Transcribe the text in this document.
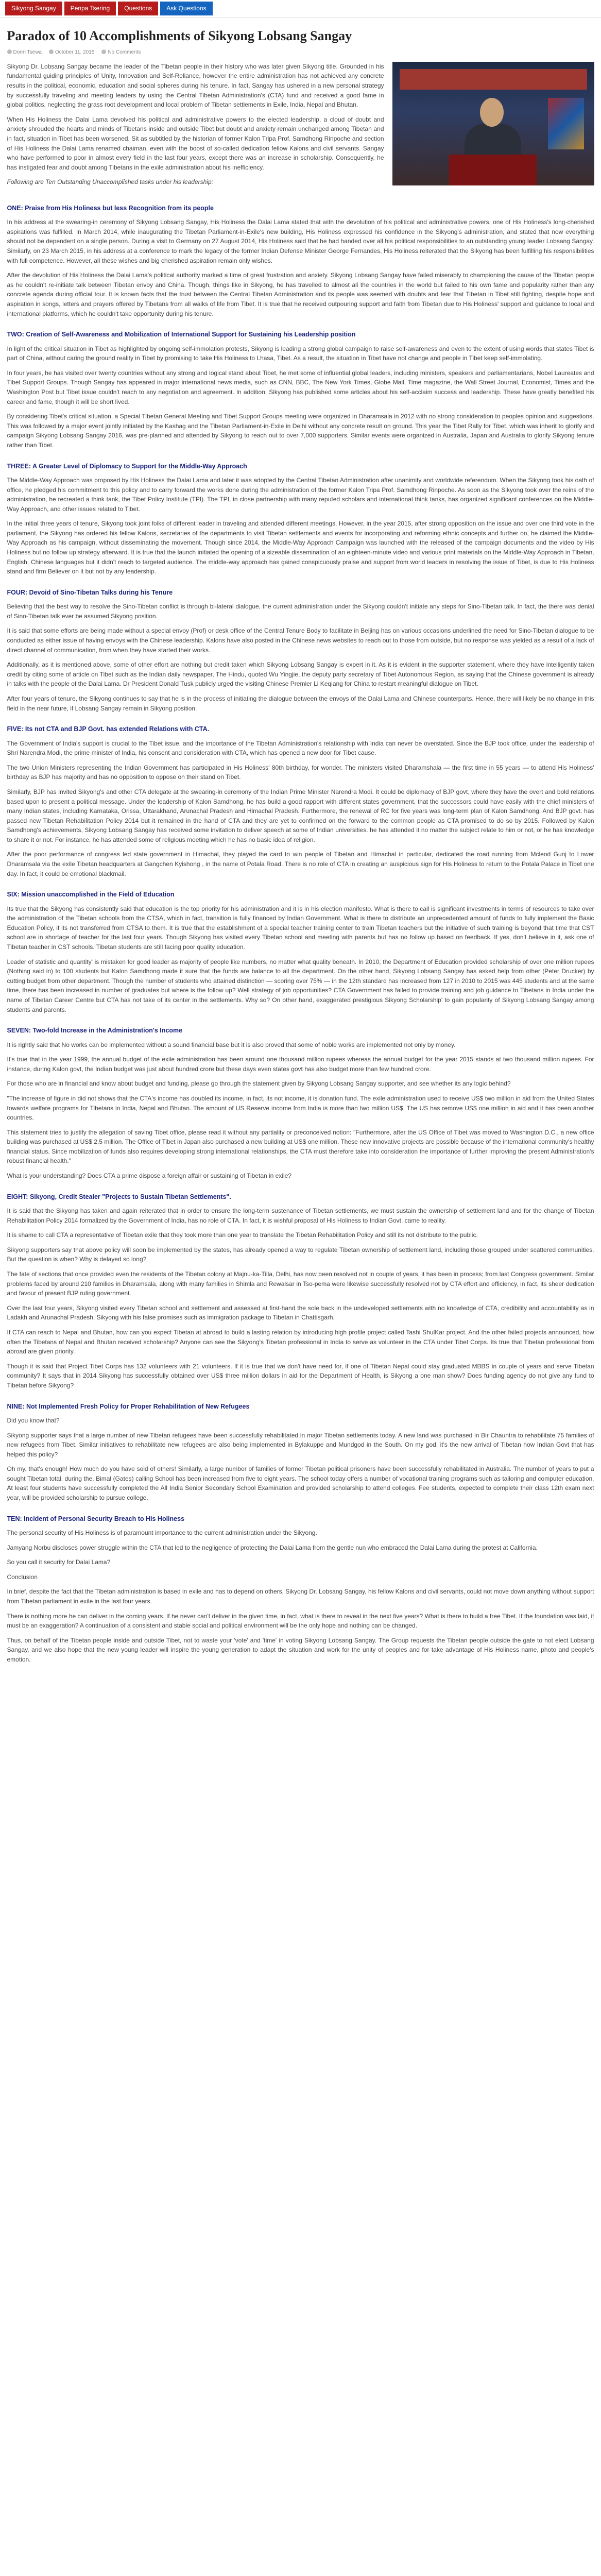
Sikyong Sangay	Penpa Tsering	Questions	Ask Questions
Paradox of 10 Accomplishments of Sikyong Lobsang Sangay
Dorm Tsewa	October 11, 2015	No Comments

Sikyong Dr. Lobsang Sangay became the leader of the Tibetan people in their history who was later given Sikyong title. Grounded in his fundamental guiding principles of Unity, Innovation and Self-Reliance, however the entire administration has not achieved any concrete results in the political, economic, education and social spheres during his tenure. In fact, Sangay has ushered in a new personal strategy by successfully traveling and meeting leaders by using the Central Tibetan Administration's (CTA) fund and received a good fame in global politics, neglecting the grass root development and local problem of Tibetan settlements in Exile, India, Nepal and Bhutan.

When His Holiness the Dalai Lama devolved his political and administrative powers to the elected leadership, a cloud of doubt and anxiety shrouded the hearts and minds of Tibetans inside and outside Tibet but doubt and anxiety remain unchanged among Tibetan and in fact, situation in Tibet has been worsened. Sit as subtitled by the historian of former Kalon Tripa Prof. Samdhong Rinpoche and section of His Holiness the Dalai Lama renamed chaiman, even with the boost of so-called dedication fellow Kalons and civil servants. Sangay who have performed to poor in almost every field in the last four years, except there was an increase in scholarship. Consequently, he has instigated fear and doubt among Tibetans in the exile administration about his inefficiency.

Following are Ten Outstanding Unaccomplished tasks under his leadership:

ONE: Praise from His Holiness but less Recognition from its people

In his address at the swearing-in ceremony of Sikyong Lobsang Sangay, His Holiness the Dalai Lama stated that with the devolution of his political and administrative powers, one of His Holiness's long-cherished aspirations was fulfilled. In March 2014, while inaugurating the Tibetan Parliament-in-Exile's new building, His Holiness expressed his confidence in the Sikyong's administration, and stated that now everything should not be dependent on a single person. During a visit to Germany on 27 August 2014, His Holiness said that he had handed over all his political responsibilities to an outstanding young leader Lobsang Sangay. Similarly, on 23 March 2015, in his address at a conference to mark the legacy of the former Indian Defense Minister George Fernandes, His Holiness reiterated that the Sikyong has been fulfilling his responsibilities with full competence. However, all these wishes and big cherished aspiration remain only wishes.

After the devolution of His Holiness the Dalai Lama's political authority marked a time of great frustration and anxiety. Sikyong Lobsang Sangay have failed miserably to championing the cause of the Tibetan people as he couldn't re-initiate talk between Tibetan envoy and China. Though, things like in Sikyong, he has travelled to almost all the countries in the world but failed to his own fame and popularity rather than any concrete agenda during official tour. It is known facts that the trust between the Central Tibetan Administration and its people was seemed with doubts and fear that Tibetan in Tibet still fighting, despite hope and aspiration in songs, letters and prayers offered by Tibetans from all walks of life from Tibet. It is true that he received outpouring support and faith from Tibetan due to His Holiness' support and guidance to local and international platforms, which he couldn't take opportunity during his tenure.

TWO: Creation of Self-Awareness and Mobilization of International Support for Sustaining his Leadership position

In light of the critical situation in Tibet as highlighted by ongoing self-immolation protests, Sikyong is leading a strong global campaign to raise self-awareness and even to the extent of using words that states Tibet is part of China, without caring the ground reality in Tibet by promising to take His Holiness to Lhasa, Tibet. As a result, the situation in Tibet have not change and people in Tibet keep self-immolating.

In four years, he has visited over twenty countries without any strong and logical stand about Tibet, he met some of influential global leaders, including ministers, speakers and parliamentarians, Nobel Laureates and Tibet Support Groups. Though Sangay has appeared in major international news media, such as CNN, BBC, The New York Times, Globe Mail, Time magazine, the Wall Street Journal, Economist, Times and the Washington Post but Tibet issue couldn't reach to any negotiation and agreement. In addition, Sikyong has published some articles about his self-acclaim success and leadership. These have greatly benefited his career and fame, though it will be short lived.

By considering Tibet's critical situation, a Special Tibetan General Meeting and Tibet Support Groups meeting were organized in Dharamsala in 2012 with no strong consideration to peoples opinion and suggestions. This was followed by a major event jointly initiated by the Kashag and the Tibetan Parliament-in-Exile in Delhi without any concrete result on ground. This year the Tibet Rally for Tibet, which was inherit to glorify and campaign Sikyong Lobsang Sangay 2016, was pre-planned and attended by Sikyong to reach out to over 7,000 supporters. Similar events were organized in Australia, Japan and Australia to glorify Sikyong tenure rather than Tibet.

THREE: A Greater Level of Diplomacy to Support for the Middle-Way Approach

The Middle-Way Approach was proposed by His Holiness the Dalai Lama and later it was adopted by the Central Tibetan Administration after unanimity and worldwide referendum. When the Sikyong took his oath of office, he pledged his commitment to this policy and to carry forward the works done during the administration of the former Kalon Tripa Prof. Samdhong Rinpoche. As soon as the Sikyong took over the reins of the administration, he recreated a think tank, the Tibet Policy Institute (TPI). The TPI, in close partnership with many reputed scholars and international think tanks, has organized significant conferences on the Middle-Way Approach, and other issues related to Tibet.

In the initial three years of tenure, Sikyong took joint folks of different leader in traveling and attended different meetings. However, in the year 2015, after strong opposition on the issue and over one third vote in the parliament, the Sikyong has ordered his fellow Kalons, secretaries of the departments to visit Tibetan settlements and events for incorporating and reforming ethnic concepts and further on, he claimed the Middle-Way Approach as his campaign, without disseminating the movement. Though since 2014, the Middle-Way Approach Campaign was launched with the released of the campaign documents and the video by His Holiness but no follow up strategy afterward. It is true that the launch initiated the opening of a sizeable dissemination of an eighteen-minute video and various print materials on the Middle-Way Approach in Tibetan, English, Chinese languages but it didn't reach to targeted audience. The middle-way approach has gained conspicuously praise and support from world leaders in resolving the issue of Tibet, is due to His Holiness stand and firm Believer on it but not by any leadership.

FOUR: Devoid of Sino-Tibetan Talks during his Tenure

Believing that the best way to resolve the Sino-Tibetan conflict is through bi-lateral dialogue, the current administration under the Sikyong couldn't initiate any steps for Sino-Tibetan talk. In fact, the there was denial of Sino-Tibetan talk ever be assumed Sikyong position.

It is said that some efforts are being made without a special envoy (Prof) or desk office of the Central Tenure Body to facilitate in Beijing has on various occasions underlined the need for Sino-Tibetan dialogue to be conducted as either issue of having envoys with the Chinese leadership. Kalons have also posted in the Chinese news websites to reach out to those from outside, but no response was yielded as a result of a lack of direct channel of communication, from when they have started their works.

Additionally, as it is mentioned above, some of other effort are nothing but credit taken which Sikyong Lobsang Sangay is expert in it. As it is evident in the supporter statement, where they have intelligently taken credit by citing some of article on Tibet such as the Indian daily newspaper, The Hindu, quoted Wu Yingjie, the deputy party secretary of Tibet Autonomous Region, as saying that the Chinese government is already in talks with the people of the Dalai Lama. Dr President Donald Tusk publicly urged the visiting Chinese Premier Li Keqiang for China to restart meaningful dialogue on Tibet.

After four years of tenure, the Sikyong continues to say that he is in the process of initiating the dialogue between the envoys of the Dalai Lama and Chinese counterparts. Hence, there will likely be no change in this field in the near future, if Lobsang Sangay remain in Sikyong position.

FIVE: Its not CTA and BJP Govt. has extended Relations with CTA.

The Government of India's support is crucial to the Tibet issue, and the importance of the Tibetan Administration's relationship with India can never be overstated. Since the BJP took office, under the leadership of Shri Narendra Modi, the prime minister of India, his consent and consideration with CTA, which has opened a new door for Tibet cause.

The two Union Ministers representing the Indian Government has participated in His Holiness' 80th birthday, for wonder. The ministers visited Dharamshala — the first time in 55 years — to attend His Holiness' birthday as BJP has majority and has no opposition to oppose on their stand on Tibet.

Similarly, BJP has invited Sikyong's and other CTA delegate at the swearing-in ceremony of the Indian Prime Minister Narendra Modi. It could be diplomacy of BJP govt, where they have the overt and bold relations based upon to present a political message. Under the leadership of Kalon Samdhong, he has build a good rapport with different states government, that the successors could have easily with the chief ministers of many Indian states, including Karnataka, Orissa, Uttarakhand, Arunachal Pradesh and Himachal Pradesh. Furthermore, the renewal of RC for five years was long-term plan of Kalon Samdhong. And BJP govt. has passed new Tibetan Rehabilitation Policy 2014 but it remained in the hand of CTA and they are yet to confirmed on the forward to the common people as CTA promised to do so by 2015. Followed by Kalon Samdhong's achievements, Sikyong Lobsang Sangay has received some invitation to deliver speech at some of Indian universities. he has attended it no matter the subject relate to him or not, or he has knowledge to share it or not. For instance, he has attended some of religious meeting which he has no basic idea of religion.

After the poor performance of congress led state government in Himachal, they played the card to win people of Tibetan and Himachal in particular, dedicated the road running from Mcleod Gunj to Lower Dharamsala via the exile Tibetan headquarters at Gangchen Kyishong , in the name of Potala Road. There is no role of CTA in creating an auspicious sign for His Holiness to return to the Potala Palace in Tibet one day. In fact, it could be emotional blackmail.

SIX: Mission unaccomplished in the Field of Education

Its true that the Sikyong has consistently said that education is the top priority for his administration and it is in his election manifesto. What is there to call is significant investments in terms of resources to take over the administration of the Tibetan schools from the CTSA, which in fact, transition is fully financed by Indian Government. What is there to distribute an unprecedented amount of funds to fully implement the Basic Education Policy, if its not transferred from CTSA to them. It is true that the establishment of a special teacher training center to train Tibetan teachers but the initiative of such training is beyond that time that CST school are in shortage of teacher for the last four years. Though Sikyong has visited every Tibetan school and meeting with parents but has no follow up based on feedback. If yes, don't believe in it, ask one of Tibetan teacher in CST schools. Tibetan students are still facing poor quality education.

Leader of statistic and quantity' is mistaken for good leader as majority of people like numbers, no matter what quality beneath. In 2010, the Department of Education provided scholarship of over one million rupees (Nothing said in) to 100 students but Kalon Samdhong made it sure that the funds are balance to all the department. On the other hand, Sikyong Lobsang Sangay has asked help from other (Peter Drucker) by cutting budget from other department. Though the number of students who attained distinction — scoring over 75% — in the 12th standard has increased from 127 in 2010 to 2015 was 445 students and at the same time, there has been increased in number of graduates but where is the follow up? Well strategy of job opportunities? CTA Government has failed to provide training and job guidance to Tibetans in India under the name of Tibetan Career Centre but CTA has not take of its center in the settlements. Why so? On other hand, exaggerated prestigious Sikyong Scholarship' to gain popularity of Sikyong Lobsang Sangay among students and parents.

SEVEN: Two-fold Increase in the Administration's Income

It is rightly said that No works can be implemented without a sound financial base but it is also proved that some of noble works are implemented not only by money.

It's true that in the year 1999, the annual budget of the exile administration has been around one thousand million rupees whereas the annual budget for the year 2015 stands at two thousand million rupees. For instance, during Kalon govt, the Indian budget was just about hundred crore but these days even states govt has also budget more than few hundred crore.

For those who are in financial and know about budget and funding, please go through the statement given by Sikyong Lobsang Sangay supporter, and see whether its any logic behind?

"The increase of figure in did not shows that the CTA's income has doubled its income, in fact, its not income, it is donation fund. The exile administration used to receive US$ two million in aid from the United States towards welfare programs for Tibetans in India, Nepal and Bhutan. The amount of US Reserve income from India is more than two million US$. The US has remove US$ one million in aid and it has been another countries.

This statement tries to justify the allegation of saving Tibet office, please read it without any partiality or preconceived notion: "Furthermore, after the US Office of Tibet was moved to Washington D.C., a new office building was purchased at US$ 2.5 million. The Office of Tibet in Japan also purchased a new building at US$ one million. These new innovative projects are possible because of the international community's healthy financial status. Since mobilization of funds also requires developing strong international relationships, the CTA must therefore take into consideration the importance of further improving the present Administration's robust financial health."

What is your understanding? Does CTA a prime dispose a foreign affair or sustaining of Tibetan in exile?

EIGHT: Sikyong, Credit Stealer "Projects to Sustain Tibetan Settlements".

It is said that the Sikyong has taken and again reiterated that in order to ensure the long-term sustenance of Tibetan settlements, we must sustain the ownership of settlement land and for the change of Tibetan Rehabilitation Policy 2014 formalized by the Government of India, has no role of CTA. In fact, it is wishful proposal of His Holiness to Indian Govt. came to reality.

It is shame to call CTA a representative of Tibetan exile that they took more than one year to translate the Tibetan Rehabilitation Policy and still its not distribute to the public.

Sikyong supporters say that above policy will soon be implemented by the states, has already opened a way to regulate Tibetan ownership of settlement land, including those grouped under scattered communities. But the question is when? Why is delayed so long?

The fate of sections that once provided even the residents of the Tibetan colony at Majnu-ka-Tilla, Delhi, has now been resolved not in couple of years, it has been in process; from last Congress government. Similar problems faced by around 210 families in Dharamsala, along with many families in Shimla and Rewalsar in Tso-pema were likewise successfully resolved not by CTA effort and efficiency, in fact, its sheer dedication and favour of present BJP ruling government.

Over the last four years, Sikyong visited every Tibetan school and settlement and assessed at first-hand the sole back in the undeveloped settlements with no knowledge of CTA, credibility and accountability as in Ladakh and Arunachal Pradesh. Sikyong with his false promises such as immigration package to Tibetan in Chattisgarh.

If CTA can reach to Nepal and Bhutan, how can you expect Tibetan at abroad to build a lasting relation by introducing high profile project called Tashi ShulKar project. And the other failed projects announced, how often the Tibetans of Nepal and Bhutan received scholarship? Anyone can see the Sikyong's Tibetan professional in India to serve as volunteer in the CTA under Tibet Corps. Its true that Tibetan professional from abroad are given priority.

Though it is said that Project Tibet Corps has 132 volunteers with 21 volunteers. If it is true that we don't have need for, if one of Tibetan Nepal could stay graduated MBBS in couple of years and serve Tibetan community? It says that in 2014 Sikyong has successfully obtained over US$ three million dollars in aid for the Department of Health, is Sikyong a one man show? Does funding agency do not give any fund to Tibetan before Sikyong?

NINE: Not Implemented Fresh Policy for Proper Rehabilitation of New Refugees

Did you know that?

Sikyong supporter says that a large number of new Tibetan refugees have been successfully rehabilitated in major Tibetan settlements today. A new land was purchased in Bir Chauntra to rehabilitate 75 families of new refugees from Tibet. Similar initiatives to rehabilitate new refugees are also being implemented in Bylakuppe and Mundgod in the South. On my god, it's the new arrival of Tibetan how Indian Govt that has helped this policy?

Oh my, that's enough! How much do you have sold of others! Similarly, a large number of families of former Tibetan political prisoners have been successfully rehabilitated in Australia. The number of years to put a sought Tibetan total, during the, Bimal (Gates) calling School has been increased from five to eight years. The school today offers a number of vocational training programs such as tailoring and computer education. At least four students have successfully completed the All India Senior Secondary School Examination and provided scholarship to attend colleges. Fee students, expected to complete their class 12th exam next year, will be provided scholarship to pursue college.

TEN: Incident of Personal Security Breach to His Holiness

The personal security of His Holiness is of paramount importance to the current administration under the Sikyong.

Jamyang Norbu discloses power struggle within the CTA that led to the negligence of protecting the Dalai Lama from the gentle nun who embraced the Dalai Lama during the protest at California.

So you call it security for Dalai Lama?

Conclusion

In brief, despite the fact that the Tibetan administration is based in exile and has to depend on others, Sikyong Dr. Lobsang Sangay, his fellow Kalons and civil servants, could not move down anything without support from Tibetan parliament in exile in the last four years.

There is nothing more he can deliver in the coming years. If he never can't deliver in the given time, in fact, what is there to reveal in the next five years? What is there to build a free Tibet. If the foundation was laid, it must be an exaggeration? A continuation of a consistent and stable social and political environment will be the only hope and nothing can be changed.

Thus, on behalf of the Tibetan people inside and outside Tibet, not to waste your 'vote' and 'time' in voting Sikyong Lobsang Sangay. The Group requests the Tibetan people outside the gate to not elect Lobsang Sangay, and we also hope that the new young leader will inspire the young generation to adapt the situation and work for the unity of peoples and for take advantage of His Holiness name, photo and people's emotion.
